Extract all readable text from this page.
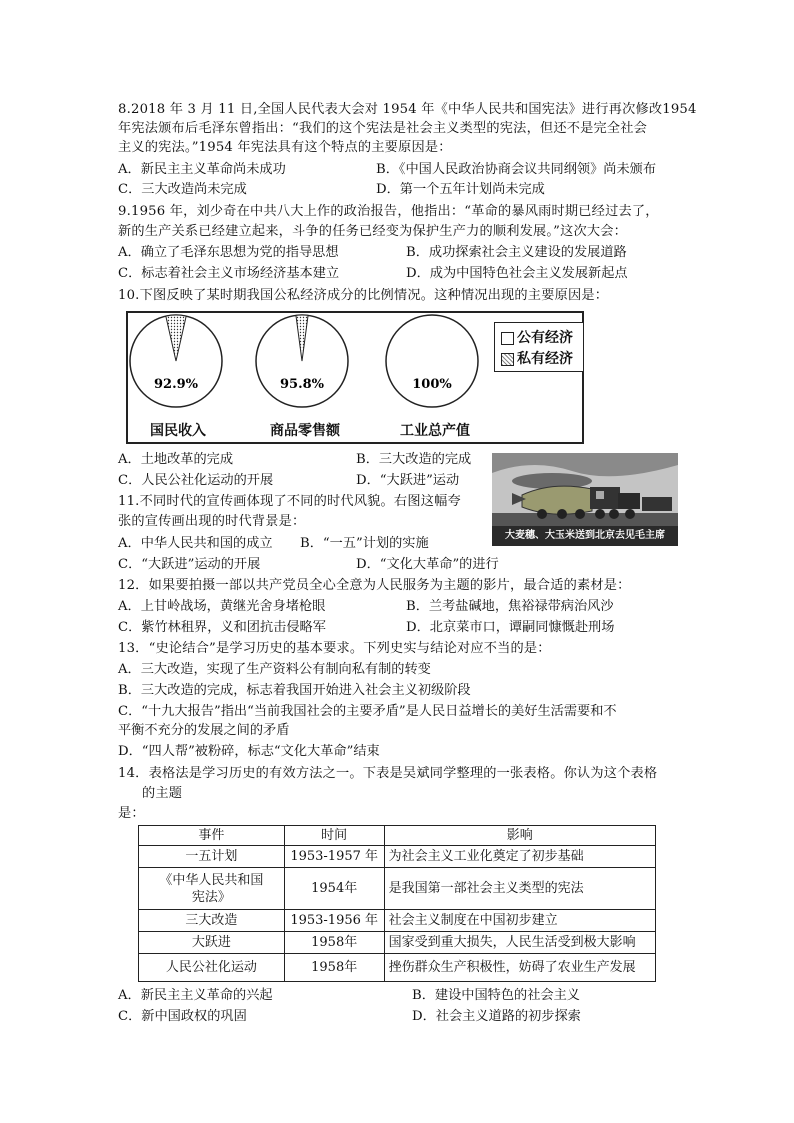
8.2018 年 3 月 11 日,全国人民代表大会对 1954 年《中华人民共和国宪法》进行再次修改1954
年宪法颁布后毛泽东曾指出：“我们的这个宪法是社会主义类型的宪法，但还不是完全社会
主义的宪法。”1954 年宪法具有这个特点的主要原因是：
A．新民主主义革命尚未成功	B．《中国人民政治协商会议共同纲领》尚未颁布
C．三大改造尚未完成	D．第一个五年计划尚未完成
9.1956 年，刘少奇在中共八大上作的政治报告，他指出：“革命的暴风雨时期已经过去了，
新的生产关系已经建立起来，斗争的任务已经变为保护生产力的顺利发展。”这次大会：
A．确立了毛泽东思想为党的指导思想	B．成功探索社会主义建设的发展道路
C．标志着社会主义市场经济基本建立	D．成为中国特色社会主义发展新起点
10.下图反映了某时期我国公私经济成分的比例情况。这种情况出现的主要原因是：
92.9%	95.8%	100%
国民收入	商品零售额	工业总产值
公有经济
私有经济
A．土地改革的完成	B．三大改造的完成
C．人民公社化运动的开展	D．“大跃进”运动
大麦穗、大玉米送到北京去见毛主席
11.不同时代的宣传画体现了不同的时代风貌。右图这幅夸
张的宣传画出现的时代背景是：
A．中华人民共和国的成立 B．“一五”计划的实施
C．“大跃进”运动的开展	D．“文化大革命”的进行
12．如果要拍摄一部以共产党员全心全意为人民服务为主题的影片，最合适的素材是：
A．上甘岭战场，黄继光舍身堵枪眼	B．兰考盐碱地，焦裕禄带病治风沙
C．紫竹林租界，义和团抗击侵略军	D．北京菜市口，谭嗣同慷慨赴刑场
13．“史论结合”是学习历史的基本要求。下列史实与结论对应不当的是：
A．三大改造，实现了生产资料公有制向私有制的转变
B．三大改造的完成，标志着我国开始进入社会主义初级阶段
C．“十九大报告”指出“当前我国社会的主要矛盾”是人民日益增长的美好生活需要和不
平衡不充分的发展之间的矛盾
D．“四人帮”被粉碎，标志“文化大革命”结束
14．表格法是学习历史的有效方法之一。下表是吴斌同学整理的一张表格。你认为这个表格
的主题
是：
事件	时间	影响
一五计划	1953-1957 年	为社会主义工业化奠定了初步基础
《中华人民共和国宪法》	1954年	是我国第一部社会主义类型的宪法
三大改造	1953-1956 年	社会主义制度在中国初步建立
大跃进	1958年	国家受到重大损失，人民生活受到极大影响
人民公社化运动	1958年	挫伤群众生产积极性，妨碍了农业生产发展
A．新民主主义革命的兴起	B．建设中国特色的社会主义
C．新中国政权的巩固	D．社会主义道路的初步探索
